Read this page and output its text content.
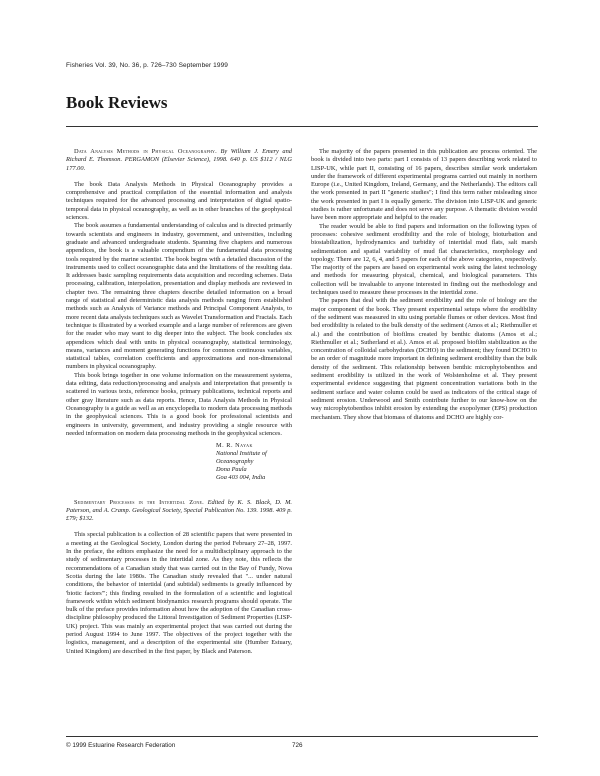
Fisheries Vol. 39, No. 36, p. 726–730 September 1999
Book Reviews

Data Analysis Methods in Physical Oceanography. By William J. Emery and Richard E. Thomson. PERGAMON (Elsevier Science), 1998. 640 p. US $112 / NLG 177.00.

The book Data Analysis Methods in Physical Oceanography provides a comprehensive and practical compilation of the essential information and analysis techniques required for the advanced processing and interpretation of digital spatio-temporal data in physical oceanography, as well as in other branches of the geophysical sciences.

The book assumes a fundamental understanding of calculus and is directed primarily towards scientists and engineers in industry, government, and universities, including graduate and advanced undergraduate students. Spanning five chapters and numerous appendices, the book is a valuable compendium of the fundamental data processing tools required by the marine scientist. The book begins with a detailed discussion of the instruments used to collect oceanographic data and the limitations of the resulting data. It addresses basic sampling requirements data acquisition and recording schemes. Data processing, calibration, interpolation, presentation and display methods are reviewed in chapter two. The remaining three chapters describe detailed information on a broad range of statistical and deterministic data analysis methods ranging from established methods such as Analysis of Variance methods and Principal Component Analysis, to more recent data analysis techniques such as Wavelet Transformation and Fractals. Each technique is illustrated by a worked example and a large number of references are given for the reader who may want to dig deeper into the subject. The book concludes six appendices which deal with units in physical oceanography, statistical terminology, means, variances and moment generating functions for common continuous variables, statistical tables, correlation coefficients and approximations and non-dimensional numbers in physical oceanography.

This book brings together in one volume information on the measurement systems, data editing, data reduction/processing and analysis and interpretation that presently is scattered in various texts, reference books, primary publications, technical reports and other gray literature such as data reports. Hence, Data Analysis Methods in Physical Oceanography is a guide as well as an encyclopedia to modern data processing methods in the geophysical sciences. This is a good book for professional scientists and engineers in university, government, and industry providing a single resource with needed information on modern data processing methods in the geophysical sciences.

M. R. Nayak
National Institute of Oceanography
Dona Paula
Goa 403 004, India

Sedimentary Processes in the Intertidal Zone. Edited by K. S. Black, D. M. Paterson, and A. Cramp. Geological Society, Special Publication No. 139. 1998. 409 p. £79; $132.

This special publication is a collection of 28 scientific papers that were presented in a meeting at the Geological Society, London during the period February 27–28, 1997. In the preface, the editors emphasize the need for a multidisciplinary approach to the study of sedimentary processes in the intertidal zone. As they note, this reflects the recommendations of a Canadian study that was carried out in the Bay of Fundy, Nova Scotia during the late 1980s. The Canadian study revealed that "... under natural conditions, the behavior of intertidal (and subtidal) sediments is greatly influenced by 'biotic factors'"; this finding resulted in the formulation of a scientific and logistical framework within which sediment biodynamics research programs should operate. The bulk of the preface provides information about how the adoption of the Canadian cross-discipline philosophy produced the Littoral Investigation of Sediment Properties (LISP-UK) project. This was mainly an experimental project that was carried out during the period August 1994 to June 1997. The objectives of the project together with the logistics, management, and a description of the experimental site (Humber Estuary, United Kingdom) are described in the first paper, by Black and Paterson.

The majority of the papers presented in this publication are process oriented. The book is divided into two parts: part I consists of 13 papers describing work related to LISP-UK, while part II, consisting of 16 papers, describes similar work undertaken under the framework of different experimental programs carried out mainly in northern Europe (i.e., United Kingdom, Ireland, Germany, and the Netherlands). The editors call the work presented in part II "generic studies"; I find this term rather misleading since the work presented in part I is equally generic. The division into LISP-UK and generic studies is rather unfortunate and does not serve any purpose. A thematic division would have been more appropriate and helpful to the reader.

The reader would be able to find papers and information on the following types of processes: cohesive sediment erodibility and the role of biology, bioturbation and biostabilization, hydrodynamics and turbidity of intertidal mud flats, salt marsh sedimentation and spatial variability of mud flat characteristics, morphology and topology. There are 12, 6, 4, and 5 papers for each of the above categories, respectively. The majority of the papers are based on experimental work using the latest technology and methods for measuring physical, chemical, and biological parameters. This collection will be invaluable to anyone interested in finding out the methodology and techniques used to measure these processes in the intertidal zone.

The papers that deal with the sediment erodibility and the role of biology are the major component of the book. They present experimental setups where the erodibility of the sediment was measured in situ using portable flumes or other devices. Most find bed erodibility is related to the bulk density of the sediment (Amos et al.; Riethmuller et al.) and the contribution of biofilms created by benthic diatoms (Amos et al.; Riethmuller et al.; Sutherland et al.). Amos et al. proposed biofilm stabilization as the concentration of colloidal carbohydrates (DCHO) in the sediment; they found DCHO to be an order of magnitude more important in defining sediment erodibility than the bulk density of the sediment. This relationship between benthic microphytobenthos and sediment erodibility is utilized in the work of Wolstenholme et al. They present experimental evidence suggesting that pigment concentration variations both in the sediment surface and water column could be used as indicators of the critical stage of sediment erosion. Underwood and Smith contribute further to our know-how on the way microphytobenthos inhibit erosion by extending the exopolymer (EPS) production mechanism. They show that biomass of diatoms and DCHO are highly cor-

© 1999 Estuarine Research Federation	726
